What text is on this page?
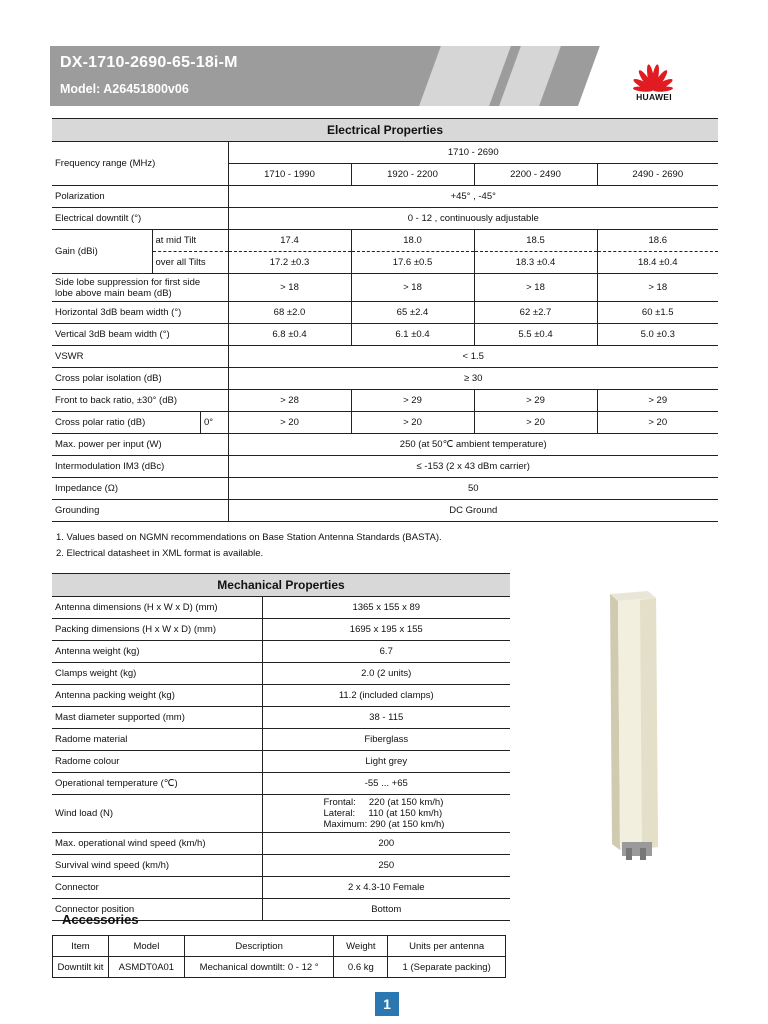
DX-1710-2690-65-18i-M
Model: A26451800v06
HUAWEI
Electrical Properties					
Frequency range (MHz)		1710 - 2690			
		1710 - 1990	1920 - 2200	2200 - 2490	2490 - 2690
Polarization		+45° , -45°			
Electrical downtilt (°)		0 - 12 , continuously adjustable			
Gain (dBi)	at mid Tilt	17.4	18.0	18.5	18.6
	over all Tilts	17.2 ±0.3	17.6 ±0.5	18.3 ±0.4	18.4 ±0.4
Side lobe suppression for first side
lobe above main beam (dB)		> 18	> 18	> 18	> 18
Horizontal 3dB beam width (°)		68 ±2.0	65 ±2.4	62 ±2.7	60 ±1.5
Vertical 3dB beam width (°)		6.8 ±0.4	6.1 ±0.4	5.5 ±0.4	5.0 ±0.3
VSWR		< 1.5			
Cross polar isolation (dB)		≥ 30			
Front to back ratio, ±30° (dB)		> 28	> 29	> 29	> 29
Cross polar ratio (dB) 0°		> 20	> 20	> 20	> 20
Max. power per input (W)		250 (at 50℃ ambient temperature)			
Intermodulation IM3 (dBc)		≤ -153 (2 x 43 dBm carrier)			
Impedance (Ω)		50			
Grounding		DC Ground			
1. Values based on NGMN recommendations on Base Station Antenna Standards (BASTA).
2. Electrical datasheet in XML format is available.
Mechanical Properties	
Antenna dimensions (H x W x D) (mm)	1365 x 155 x 89
Packing dimensions (H x W x D) (mm)	1695 x 195 x 155
Antenna weight (kg)	6.7
Clamps weight (kg)	2.0 (2 units)
Antenna packing weight (kg)	11.2 (included clamps)
Mast diameter supported (mm)	38 - 115
Radome material	Fiberglass
Radome colour	Light grey
Operational temperature (℃)	-55 ... +65
Wind load (N)	Frontal:     220 (at 150 km/h)
Lateral:     110 (at 150 km/h)
Maximum: 290 (at 150 km/h)

Max. operational wind speed (km/h)	200
Survival wind speed (km/h)	250
Connector	2 x 4.3-10 Female
Connector position	Bottom
Accessories
Item	Model	Description	Weight	Units per antenna
Downtilt kit	ASMDT0A01	Mechanical downtilt: 0 - 12 °	0.6 kg	1 (Separate packing)
1
